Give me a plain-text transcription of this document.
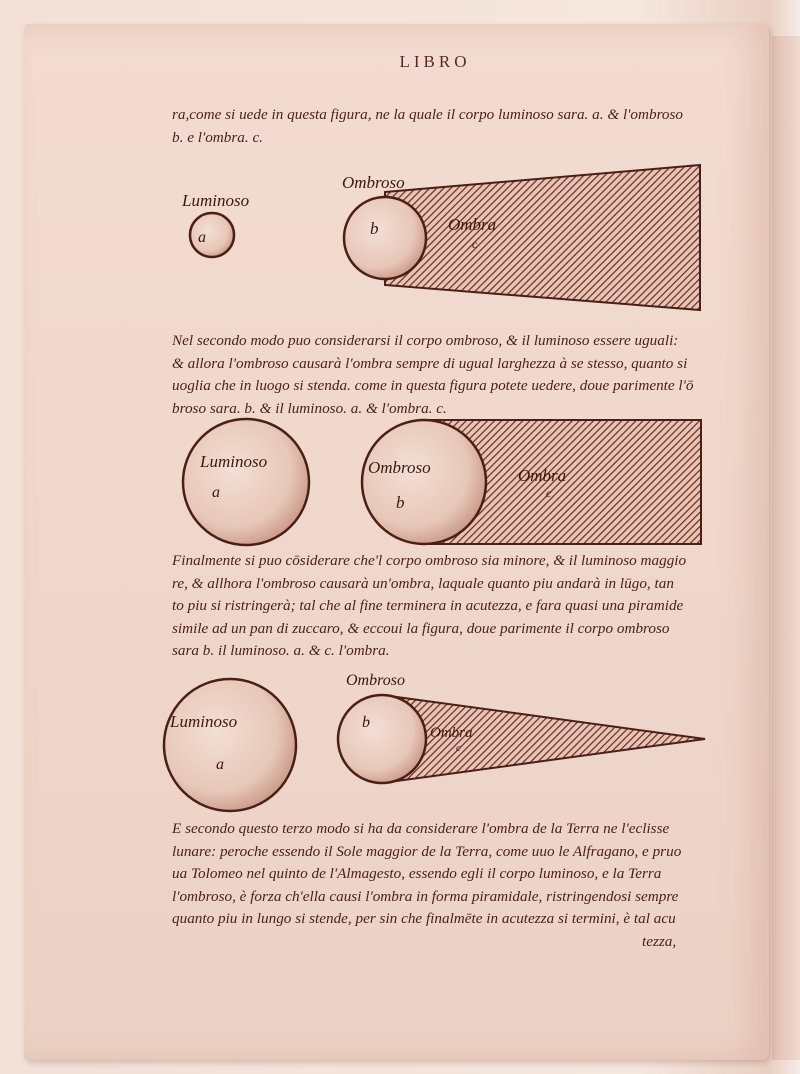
LIBRO
ra,come si uede in questa figura, ne la quale il corpo luminoso sara. a. & l'ombroso
b. e l'ombra. c.
Luminoso
a
Ombroso
b	Ombra
c
Nel secondo modo puo considerarsi il corpo ombroso, & il luminoso essere uguali:
& allora l'ombroso causarà l'ombra sempre di ugual larghezza à se stesso, quanto si
uoglia che in luogo si stenda. come in questa figura potete uedere, doue parimente l'ō
broso sara. b. & il luminoso. a. & l'ombra. c.
Luminoso
a
Ombroso
b
Ombra
c
Finalmente si puo cōsiderare che'l corpo ombroso sia minore, & il luminoso maggio
re, & allhora l'ombroso causarà un'ombra, laquale quanto piu andarà in lūgo, tan
to piu si ristringerà; tal che al fine terminera in acutezza, e fara quasi una piramide
simile ad un pan di zuccaro, & eccoui la figura, doue parimente il corpo ombroso
sara b. il luminoso. a. & c. l'ombra.
Luminoso
a
Ombroso
b
Ombra
c
E secondo questo terzo modo si ha da considerare l'ombra de la Terra ne l'eclisse
lunare: peroche essendo il Sole maggior de la Terra, come uuo le Alfragano, e pruo
ua Tolomeo nel quinto de l'Almagesto, essendo egli il corpo luminoso, e la Terra
l'ombroso, è forza ch'ella causi l'ombra in forma piramidale, ristringendosi sempre
quanto piu in lungo si stende, per sin che finalmēte in acutezza si termini, è tal acu
tezza,
